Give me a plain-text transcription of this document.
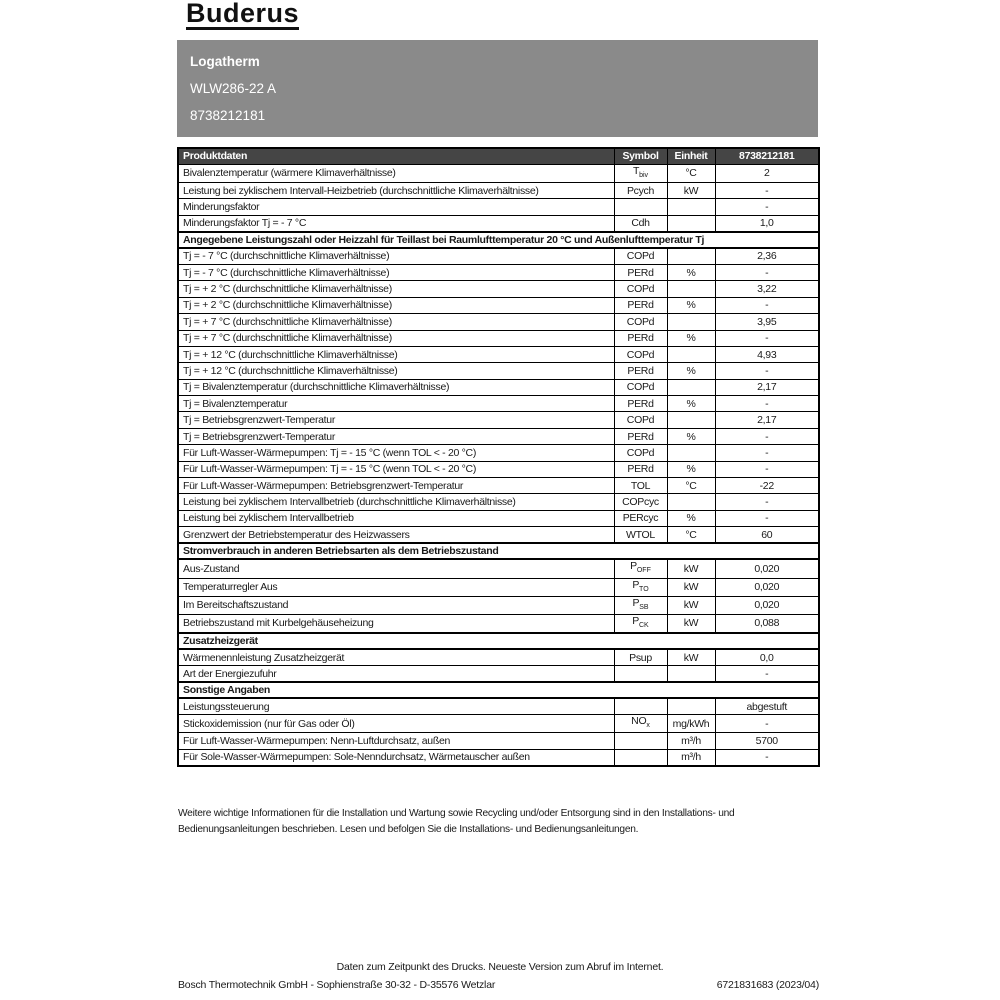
Buderus
Logatherm
WLW286-22 A
8738212181
Produktdaten	Symbol	Einheit	8738212181
Bivalenztemperatur (wärmere Klimaverhältnisse)	$T_{biv}$	°C	2
Leistung bei zyklischem Intervall-Heizbetrieb (durchschnittliche Klimaverhältnisse)	Pcych	kW	-
Minderungsfaktor			-
Minderungsfaktor Tj = - 7 °C	Cdh		1,0
Angegebene Leistungszahl oder Heizzahl für Teillast bei Raumlufttemperatur 20 °C und Außenlufttemperatur Tj			
Tj = - 7 °C (durchschnittliche Klimaverhältnisse)	COPd		2,36
Tj = - 7 °C (durchschnittliche Klimaverhältnisse)	PERd	%	-
Tj = + 2 °C (durchschnittliche Klimaverhältnisse)	COPd		3,22
Tj = + 2 °C (durchschnittliche Klimaverhältnisse)	PERd	%	-
Tj = + 7 °C (durchschnittliche Klimaverhältnisse)	COPd		3,95
Tj = + 7 °C (durchschnittliche Klimaverhältnisse)	PERd	%	-
Tj = + 12 °C (durchschnittliche Klimaverhältnisse)	COPd		4,93
Tj = + 12 °C (durchschnittliche Klimaverhältnisse)	PERd	%	-
Tj = Bivalenztemperatur (durchschnittliche Klimaverhältnisse)	COPd		2,17
Tj = Bivalenztemperatur	PERd	%	-
Tj = Betriebsgrenzwert-Temperatur	COPd		2,17
Tj = Betriebsgrenzwert-Temperatur	PERd	%	-
Für Luft-Wasser-Wärmepumpen: Tj = - 15 °C (wenn TOL < - 20 °C)	COPd		-
Für Luft-Wasser-Wärmepumpen: Tj = - 15 °C (wenn TOL < - 20 °C)	PERd	%	-
Für Luft-Wasser-Wärmepumpen: Betriebsgrenzwert-Temperatur	TOL	°C	-22
Leistung bei zyklischem Intervallbetrieb (durchschnittliche Klimaverhältnisse)	COPcyc		-
Leistung bei zyklischem Intervallbetrieb	PERcyc	%	-
Grenzwert der Betriebstemperatur des Heizwassers	WTOL	°C	60
Stromverbrauch in anderen Betriebsarten als dem Betriebszustand			
Aus-Zustand	$P_{OFF}$	kW	0,020
Temperaturregler Aus	$P_{TO}$	kW	0,020
Im Bereitschaftszustand	$P_{SB}$	kW	0,020
Betriebszustand mit Kurbelgehäuseheizung	$P_{CK}$	kW	0,088
Zusatzheizgerät			
Wärmenennleistung Zusatzheizgerät	Psup	kW	0,0
Art der Energiezufuhr			-
Sonstige Angaben			
Leistungssteuerung			abgestuft
Stickoxidemission (nur für Gas oder Öl)	$NO_x$	mg/kWh	-
Für Luft-Wasser-Wärmepumpen: Nenn-Luftdurchsatz, außen		m³/h	5700
Für Sole-Wasser-Wärmepumpen: Sole-Nenndurchsatz, Wärmetauscher außen		m³/h	-
Weitere wichtige Informationen für die Installation und Wartung sowie Recycling und/oder Entsorgung sind in den Installations- und Bedienungsanleitungen beschrieben. Lesen und befolgen Sie die Installations- und Bedienungsanleitungen.
Daten zum Zeitpunkt des Drucks. Neueste Version zum Abruf im Internet.
Bosch Thermotechnik GmbH - Sophienstraße 30-32 - D-35576 Wetzlar	6721831683 (2023/04)
